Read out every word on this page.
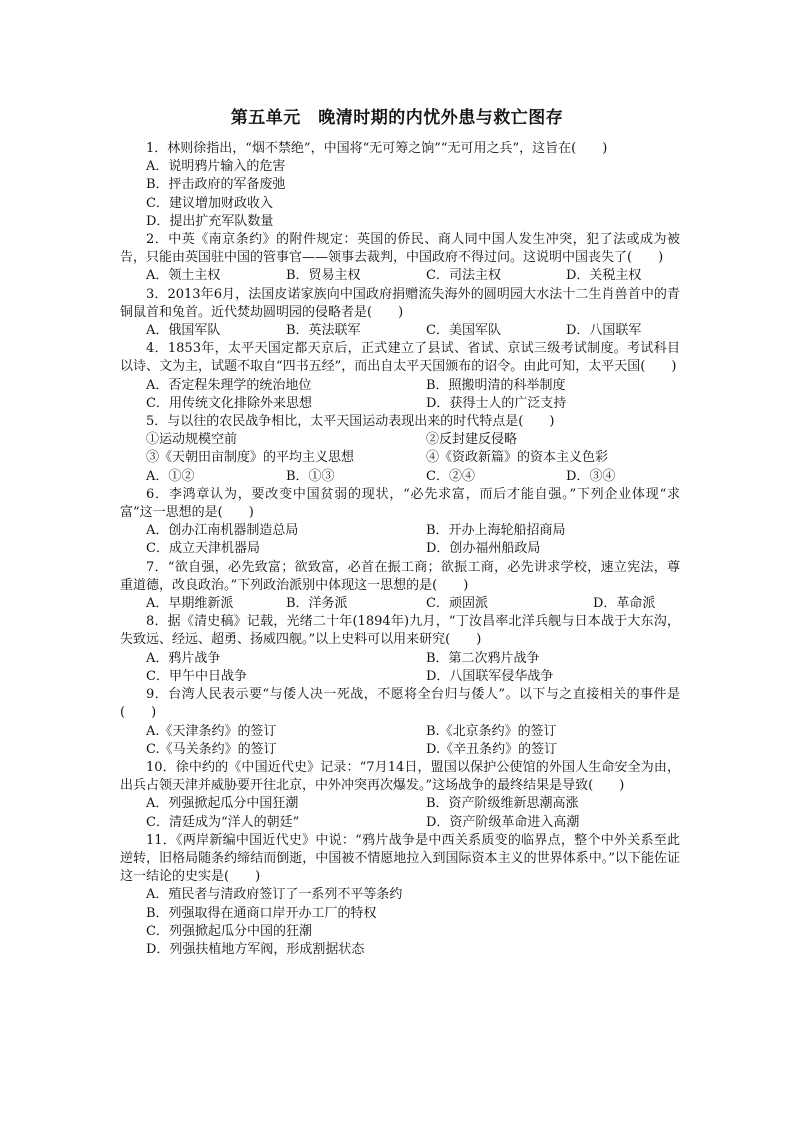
第五单元　晚清时期的内忧外患与救亡图存

1．林则徐指出，“烟不禁绝”，中国将“无可筹之饷”“无可用之兵”，这旨在(　　)

A．说明鸦片输入的危害

B．抨击政府的军备废弛

C．建议增加财政收入

D．提出扩充军队数量

2．中英《南京条约》的附件规定：英国的侨民、商人同中国人发生冲突，犯了法或成为被告，只能由英国驻中国的管事官——领事去裁判，中国政府不得过问。这说明中国丧失了(　　)

A．领土主权	B．贸易主权	C．司法主权	D．关税主权

3．2013年6月，法国皮诺家族向中国政府捐赠流失海外的圆明园大水法十二生肖兽首中的青铜鼠首和兔首。近代焚劫圆明园的侵略者是(　　)

A．俄国军队	B．英法联军	C．美国军队	D．八国联军

4．1853年，太平天国定都天京后，正式建立了县试、省试、京试三级考试制度。考试科目以诗、文为主，试题不取自“四书五经”，而出自太平天国颁布的诏令。由此可知，太平天国(　　)

A．否定程朱理学的统治地位	B．照搬明清的科举制度
C．用传统文化排除外来思想	D．获得士人的广泛支持

5．与以往的农民战争相比，太平天国运动表现出来的时代特点是(　　)

①运动规模空前	②反封建反侵略
③《天朝田亩制度》的平均主义思想	④《资政新篇》的资本主义色彩
A．①②	B．①③	C．②④	D．③④

6．李鸿章认为，要改变中国贫弱的现状，“必先求富，而后才能自强。”下列企业体现“求富”这一思想的是(　　)

A．创办江南机器制造总局	B．开办上海轮船招商局
C．成立天津机器局	D．创办福州船政局

7．“欲自强，必先致富；欲致富，必首在振工商；欲振工商，必先讲求学校，速立宪法，尊重道德，改良政治。”下列政治派别中体现这一思想的是(　　)

A．早期维新派	B．洋务派	C．顽固派	D．革命派

8．据《清史稿》记载，光绪二十年(1894年)九月，“丁汝昌率北洋兵舰与日本战于大东沟，失致远、经远、超勇、扬威四舰。”以上史料可以用来研究(　　)

A．鸦片战争	B．第二次鸦片战争
C．甲午中日战争	D．八国联军侵华战争

9．台湾人民表示要“与倭人决一死战，不愿将全台归与倭人”。以下与之直接相关的事件是(　　)

A.《天津条约》的签订	B.《北京条约》的签订
C.《马关条约》的签订	D.《辛丑条约》的签订

10．徐中约的《中国近代史》记录：“7月14日，盟国以保护公使馆的外国人生命安全为由，出兵占领天津并威胁要开往北京，中外冲突再次爆发。”这场战争的最终结果是导致(　　)

A．列强掀起瓜分中国狂潮	B．资产阶级维新思潮高涨
C．清廷成为“洋人的朝廷”	D．资产阶级革命进入高潮

11．《两岸新编中国近代史》中说：“鸦片战争是中西关系质变的临界点，整个中外关系至此逆转，旧格局随条约缔结而倒逝，中国被不情愿地拉入到国际资本主义的世界体系中。”以下能佐证这一结论的史实是(　　)

A．殖民者与清政府签订了一系列不平等条约

B．列强取得在通商口岸开办工厂的特权

C．列强掀起瓜分中国的狂潮

D．列强扶植地方军阀，形成割据状态
